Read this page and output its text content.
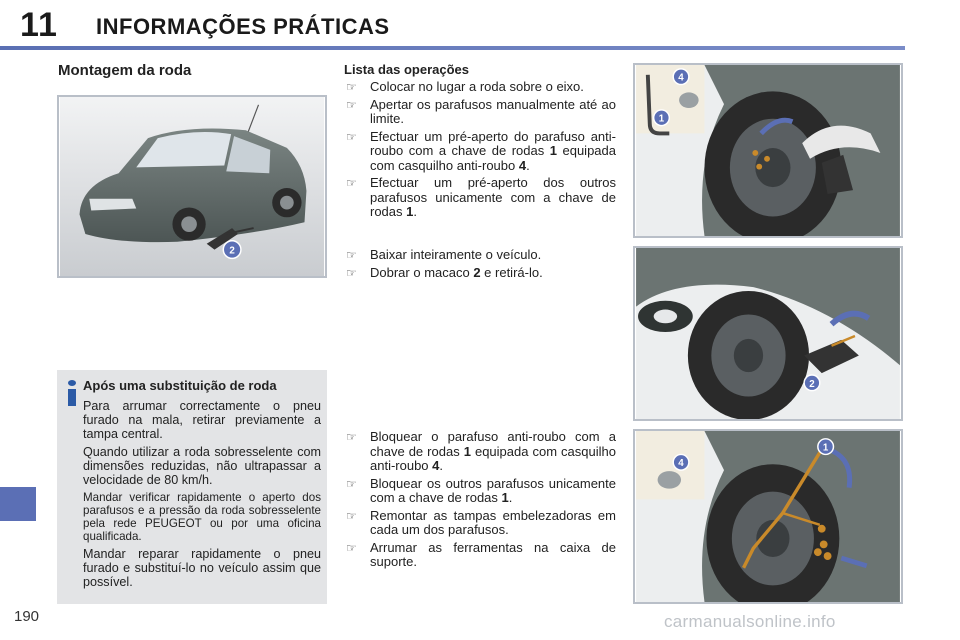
11 INFORMAÇÕES PRÁTICAS
190
Montagem da roda
2
Após uma substituição de roda

Para arrumar correctamente o pneu furado na mala, retirar previamente a tampa central.

Quando utilizar a roda sobresselente com dimensões reduzidas, não ultrapassar a velocidade de 80 km/h.

Mandar verificar rapidamente o aperto dos parafusos e a pressão da roda sobresselente pela rede PEUGEOT ou por uma oficina qualificada.

Mandar reparar rapidamente o pneu furado e substituí-lo no veículo assim que possível.

Lista das operações
☞ Colocar no lugar a roda sobre o eixo.
☞ Apertar os parafusos manualmente até ao limite.
☞ Efectuar um pré-aperto do parafuso anti-roubo com a chave de rodas 1 equipada com casquilho anti-roubo 4.
☞ Efectuar um pré-aperto dos outros parafusos unicamente com a chave de rodas 1.
☞ Baixar inteiramente o veículo.
☞ Dobrar o macaco 2 e retirá-lo.
☞ Bloquear o parafuso anti-roubo com a chave de rodas 1 equipada com casquilho anti-roubo 4.
☞ Bloquear os outros parafusos unicamente com a chave de rodas 1.
☞ Remontar as tampas embelezadoras em cada um dos parafusos.
☞ Arrumar as ferramentas na caixa de suporte.
4
1
2
1
4
carmanualsonline.info
